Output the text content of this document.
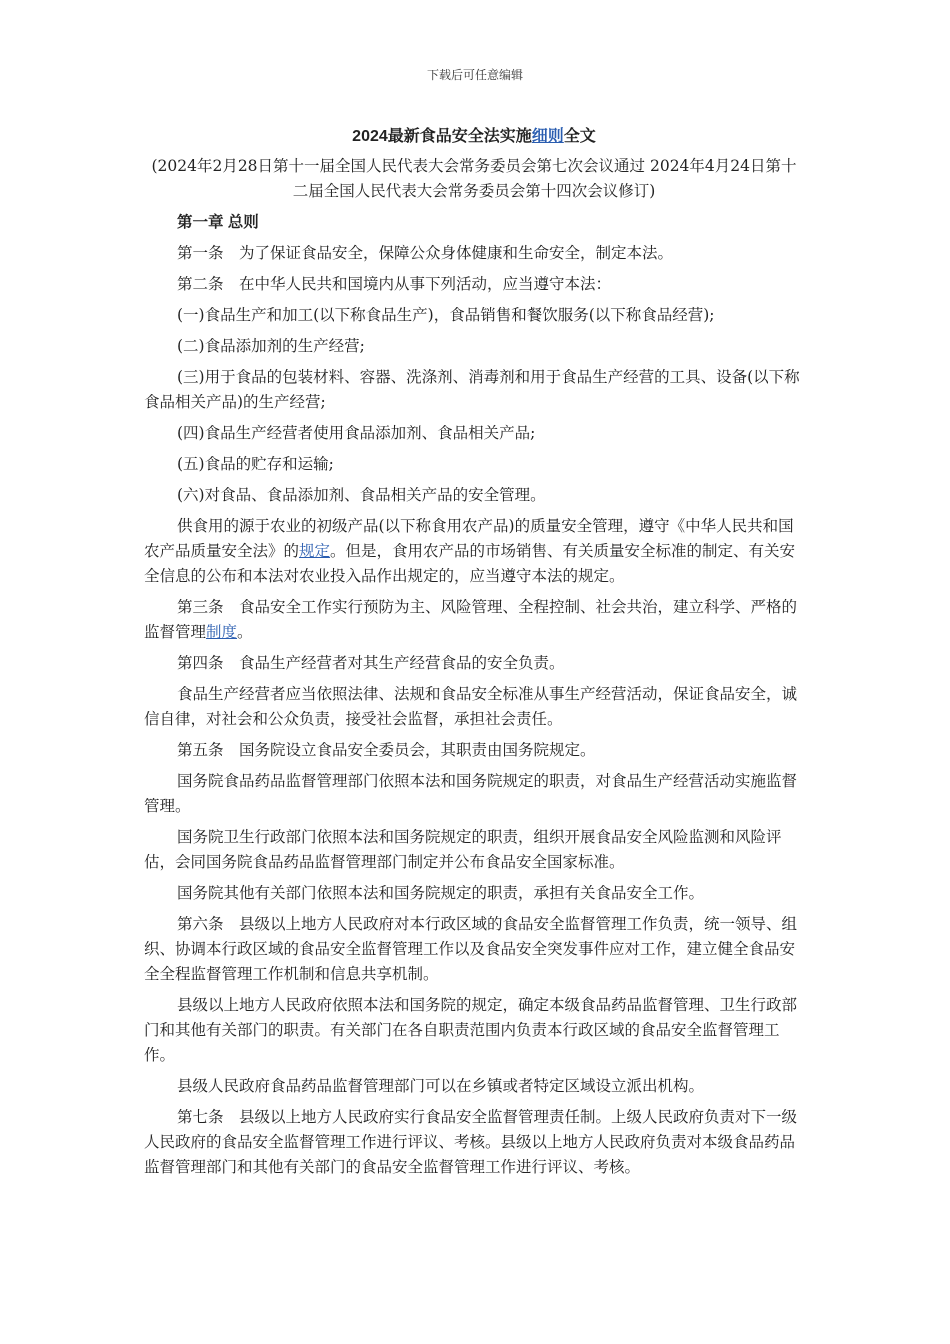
下载后可任意编辑
2024最新食品安全法实施细则全文
(2024年2月28日第十一届全国人民代表大会常务委员会第七次会议通过 2024年4月24日第十二届全国人民代表大会常务委员会第十四次会议修订)
第一章 总则
第一条　为了保证食品安全，保障公众身体健康和生命安全，制定本法。
第二条　在中华人民共和国境内从事下列活动，应当遵守本法：
(一)食品生产和加工(以下称食品生产)，食品销售和餐饮服务(以下称食品经营);
(二)食品添加剂的生产经营;
(三)用于食品的包装材料、容器、洗涤剂、消毒剂和用于食品生产经营的工具、设备(以下称食品相关产品)的生产经营;
(四)食品生产经营者使用食品添加剂、食品相关产品;
(五)食品的贮存和运输;
(六)对食品、食品添加剂、食品相关产品的安全管理。
供食用的源于农业的初级产品(以下称食用农产品)的质量安全管理，遵守《中华人民共和国农产品质量安全法》的规定。但是，食用农产品的市场销售、有关质量安全标准的制定、有关安全信息的公布和本法对农业投入品作出规定的，应当遵守本法的规定。
第三条　食品安全工作实行预防为主、风险管理、全程控制、社会共治，建立科学、严格的监督管理制度。
第四条　食品生产经营者对其生产经营食品的安全负责。
食品生产经营者应当依照法律、法规和食品安全标准从事生产经营活动，保证食品安全，诚信自律，对社会和公众负责，接受社会监督，承担社会责任。
第五条　国务院设立食品安全委员会，其职责由国务院规定。
国务院食品药品监督管理部门依照本法和国务院规定的职责，对食品生产经营活动实施监督管理。
国务院卫生行政部门依照本法和国务院规定的职责，组织开展食品安全风险监测和风险评估，会同国务院食品药品监督管理部门制定并公布食品安全国家标准。
国务院其他有关部门依照本法和国务院规定的职责，承担有关食品安全工作。
第六条　县级以上地方人民政府对本行政区域的食品安全监督管理工作负责，统一领导、组织、协调本行政区域的食品安全监督管理工作以及食品安全突发事件应对工作，建立健全食品安全全程监督管理工作机制和信息共享机制。
县级以上地方人民政府依照本法和国务院的规定，确定本级食品药品监督管理、卫生行政部门和其他有关部门的职责。有关部门在各自职责范围内负责本行政区域的食品安全监督管理工作。
县级人民政府食品药品监督管理部门可以在乡镇或者特定区域设立派出机构。
第七条　县级以上地方人民政府实行食品安全监督管理责任制。上级人民政府负责对下一级人民政府的食品安全监督管理工作进行评议、考核。县级以上地方人民政府负责对本级食品药品监督管理部门和其他有关部门的食品安全监督管理工作进行评议、考核。
